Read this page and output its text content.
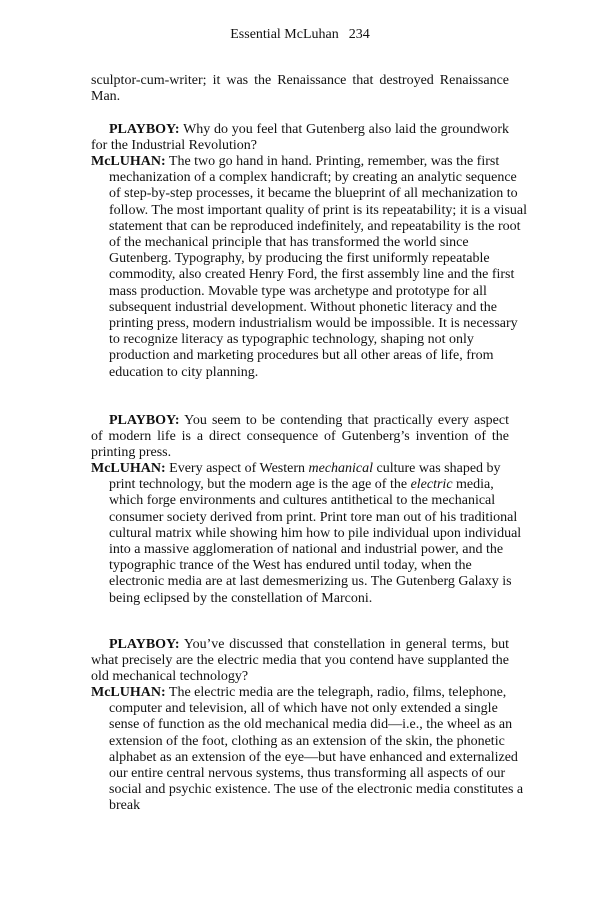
Essential McLuhan 234

sculptor-cum-writer; it was the Renaissance that destroyed Renaissance Man.

PLAYBOY: Why do you feel that Gutenberg also laid the groundwork for the Industrial Revolution?

McLUHAN: The two go hand in hand. Printing, remember, was the first mechanization of a complex handicraft; by creating an analytic sequence of step-by-step processes, it became the blueprint of all mechanization to follow. The most important quality of print is its repeatability; it is a visual statement that can be reproduced indefinitely, and repeatability is the root of the mechanical principle that has transformed the world since Gutenberg. Typography, by producing the first uniformly repeatable commodity, also created Henry Ford, the first assembly line and the first mass production. Movable type was archetype and prototype for all subsequent industrial development. Without phonetic literacy and the printing press, modern industrialism would be impossible. It is necessary to recognize literacy as typographic technology, shaping not only production and marketing procedures but all other areas of life, from education to city planning.

PLAYBOY: You seem to be contending that practically every aspect of modern life is a direct consequence of Gutenberg’s invention of the printing press.

McLUHAN: Every aspect of Western mechanical culture was shaped by print technology, but the modern age is the age of the electric media, which forge environments and cultures antithetical to the mechanical consumer society derived from print. Print tore man out of his traditional cultural matrix while showing him how to pile individual upon individual into a massive agglomeration of national and industrial power, and the typographic trance of the West has endured until today, when the electronic media are at last demesmerizing us. The Gutenberg Galaxy is being eclipsed by the constellation of Marconi.

PLAYBOY: You’ve discussed that constellation in general terms, but what precisely are the electric media that you contend have supplanted the old mechanical technology?

McLUHAN: The electric media are the telegraph, radio, films, telephone, computer and television, all of which have not only extended a single sense of function as the old mechanical media did—i.e., the wheel as an extension of the foot, clothing as an extension of the skin, the phonetic alphabet as an extension of the eye—but have enhanced and externalized our entire central nervous systems, thus transforming all aspects of our social and psychic existence. The use of the electronic media constitutes a break
